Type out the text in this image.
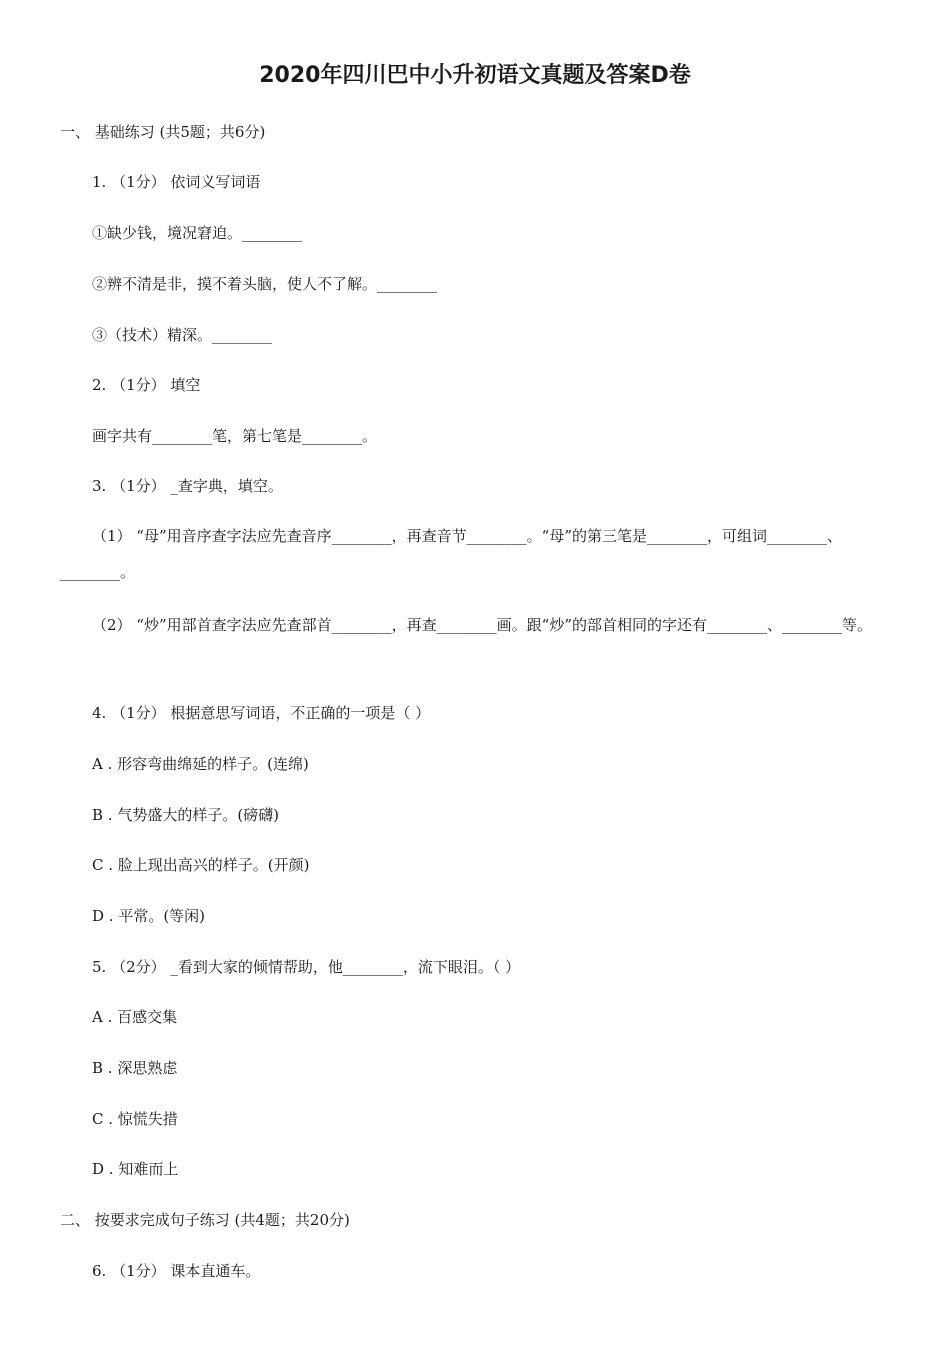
2020年四川巴中小升初语文真题及答案D卷
一、 基础练习 (共5题；共6分)
1. （1分） 依词义写词语
①缺少钱，境况窘迫。________
②辨不清是非，摸不着头脑，使人不了解。________
③（技术）精深。________
2. （1分） 填空
画字共有________笔，第七笔是________。
3. （1分） _查字典，填空。
（1） “母”用音序查字法应先查音序________，再查音节________。“母”的第三笔是________，可组词________、________。
（2） “炒”用部首查字法应先查部首________，再查________画。跟“炒”的部首相同的字还有________、________等。
4. （1分） 根据意思写词语，不正确的一项是（ ）
A . 形容弯曲绵延的样子。(连绵)
B . 气势盛大的样子。(磅礴)
C . 脸上现出高兴的样子。(开颜)
D . 平常。(等闲)
5. （2分） _看到大家的倾情帮助，他________，流下眼泪。（ ）
A . 百感交集
B . 深思熟虑
C . 惊慌失措
D . 知难而上
二、 按要求完成句子练习 (共4题；共20分)
6. （1分） 课本直通车。
